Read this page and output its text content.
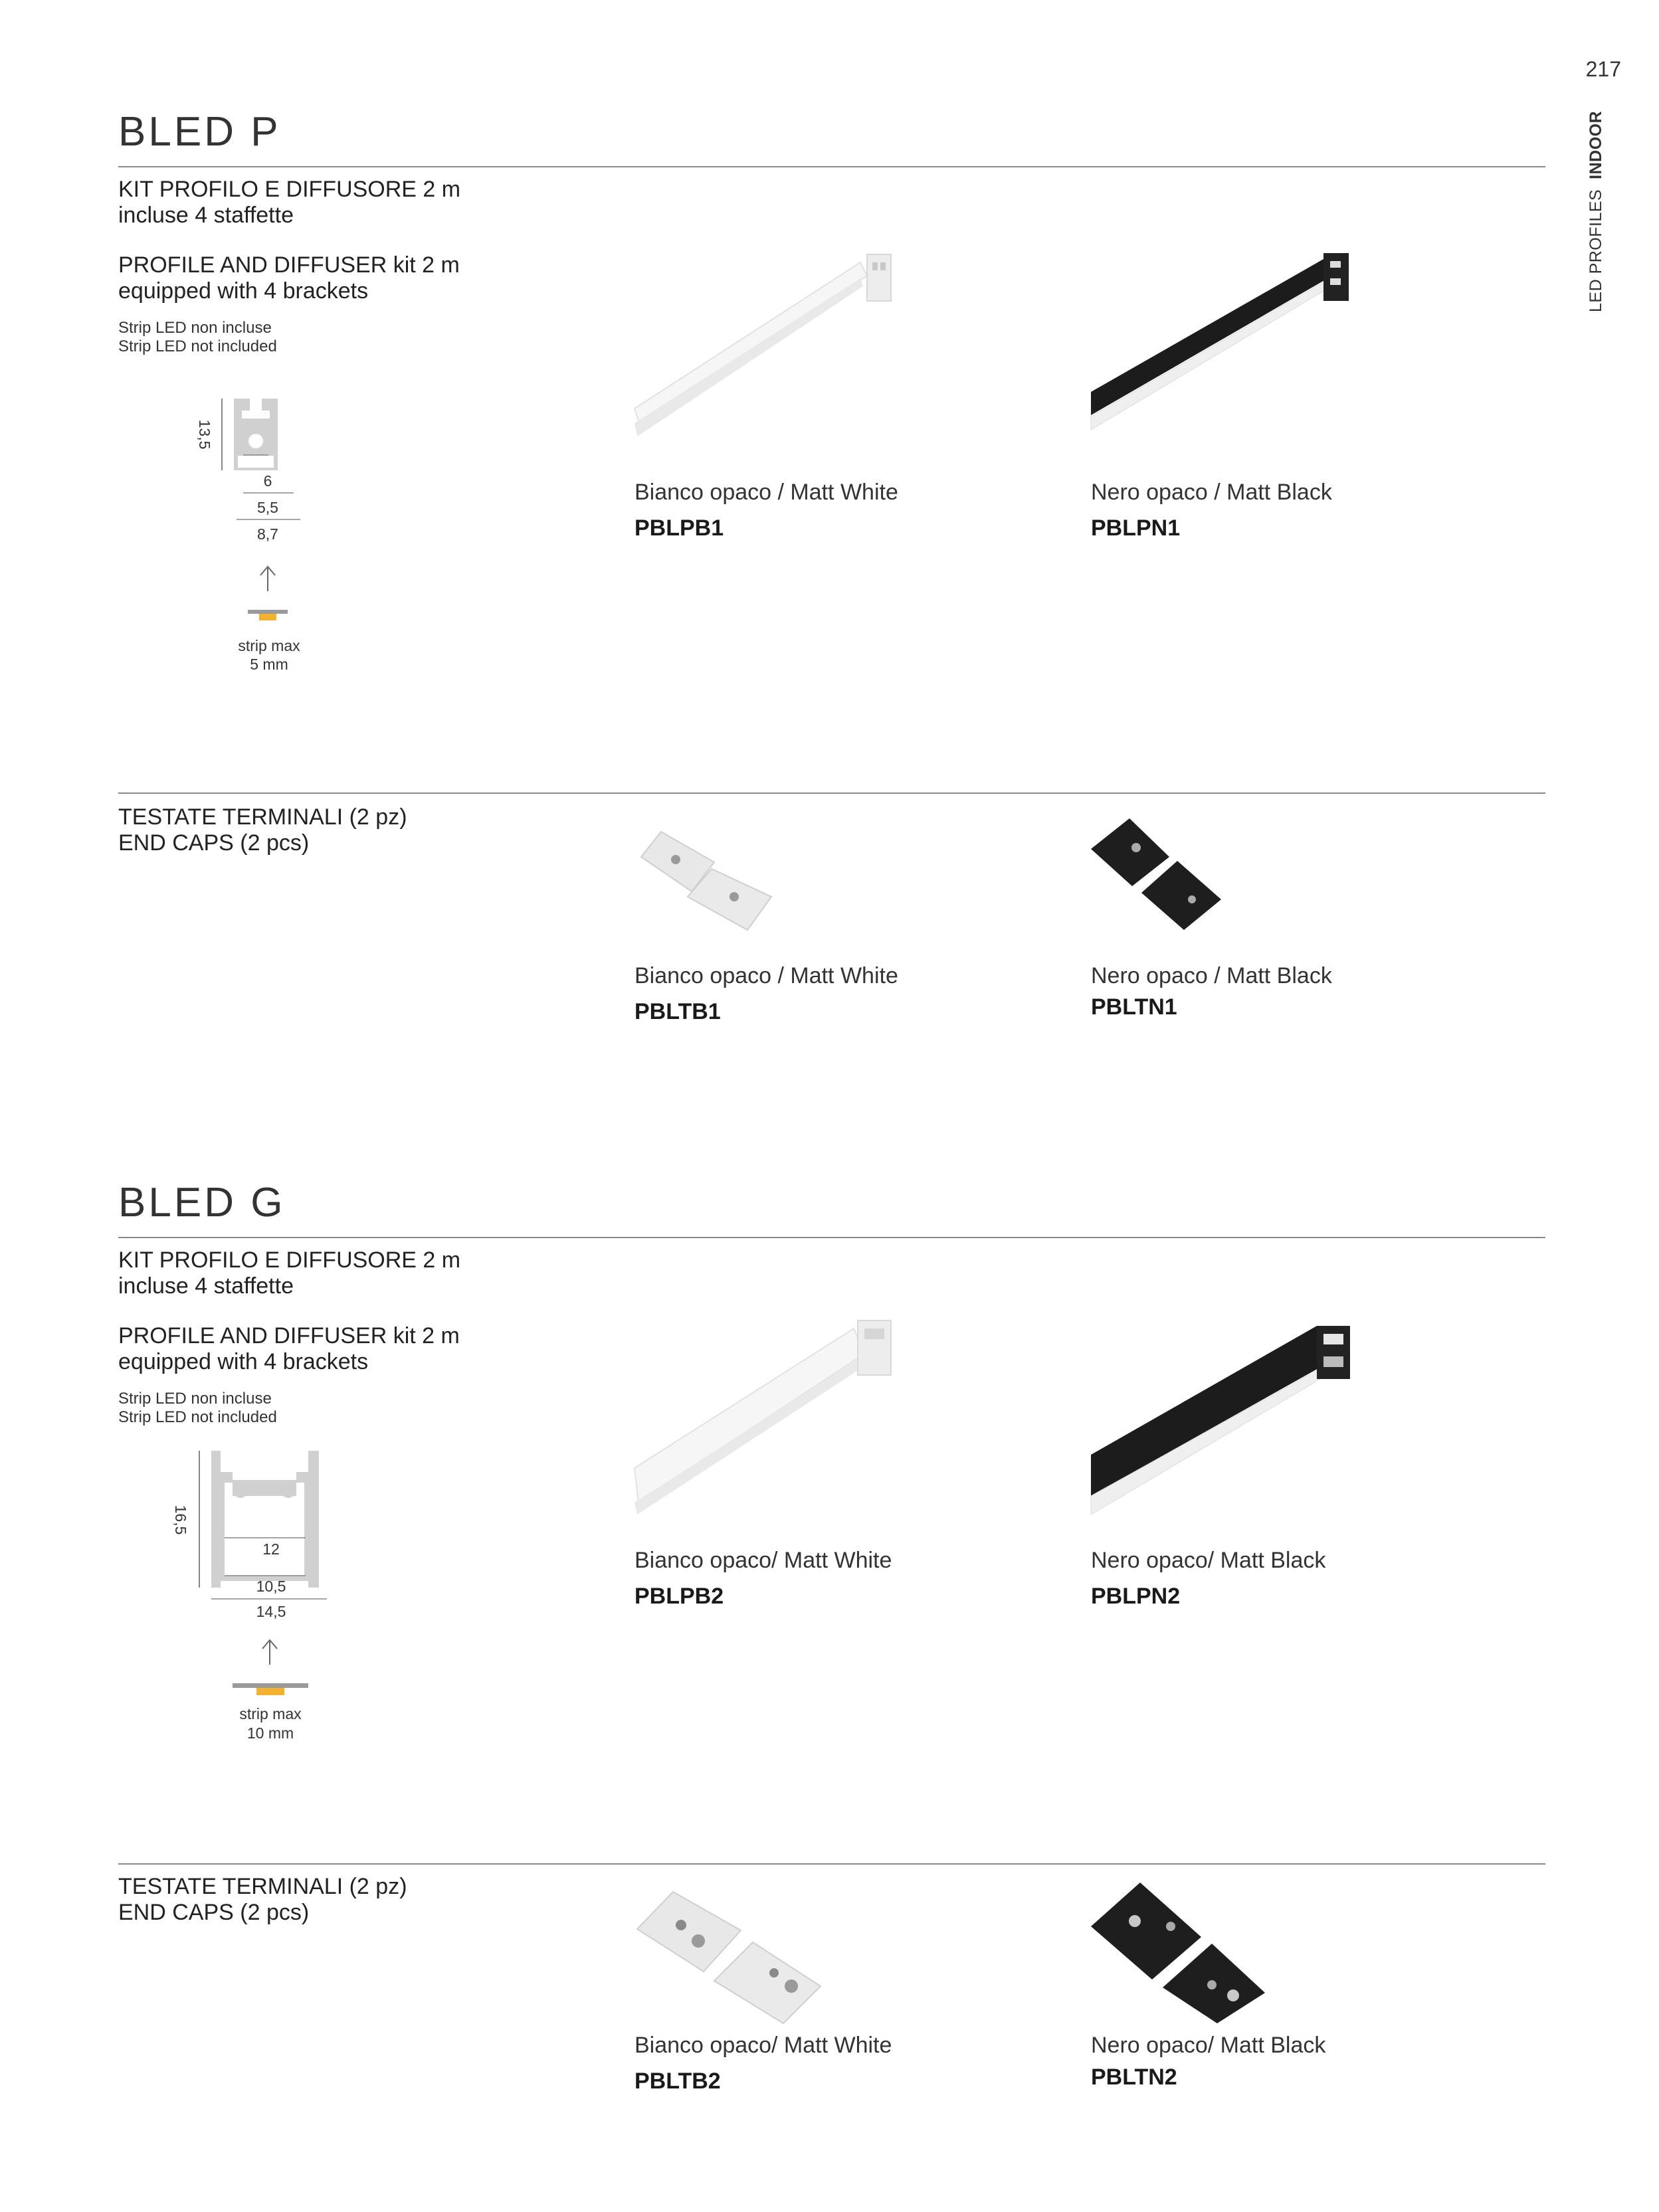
217
LED PROFILES  INDOOR
BLED P
KIT PROFILO E DIFFUSORE 2 m
incluse 4 staffette
PROFILE AND DIFFUSER kit 2 m
equipped with 4 brackets
Strip LED non incluse
Strip LED not included
13,5
6
5,5
8,7
strip max
5 mm
Bianco opaco / Matt White
PBLPB1
Nero opaco / Matt Black
PBLPN1
TESTATE TERMINALI (2 pz)
END CAPS (2 pcs)
Bianco opaco / Matt White
PBLTB1
Nero opaco / Matt Black
PBLTN1
BLED G
KIT PROFILO E DIFFUSORE 2 m
incluse 4 staffette
PROFILE AND DIFFUSER kit 2 m
equipped with 4 brackets
Strip LED non incluse
Strip LED not included
16,5
12
10,5
14,5
strip max
10 mm
Bianco opaco/ Matt White
PBLPB2
Nero opaco/ Matt Black
PBLPN2
TESTATE TERMINALI (2 pz)
END CAPS (2 pcs)
Bianco opaco/ Matt White
PBLTB2
Nero opaco/ Matt Black
PBLTN2
